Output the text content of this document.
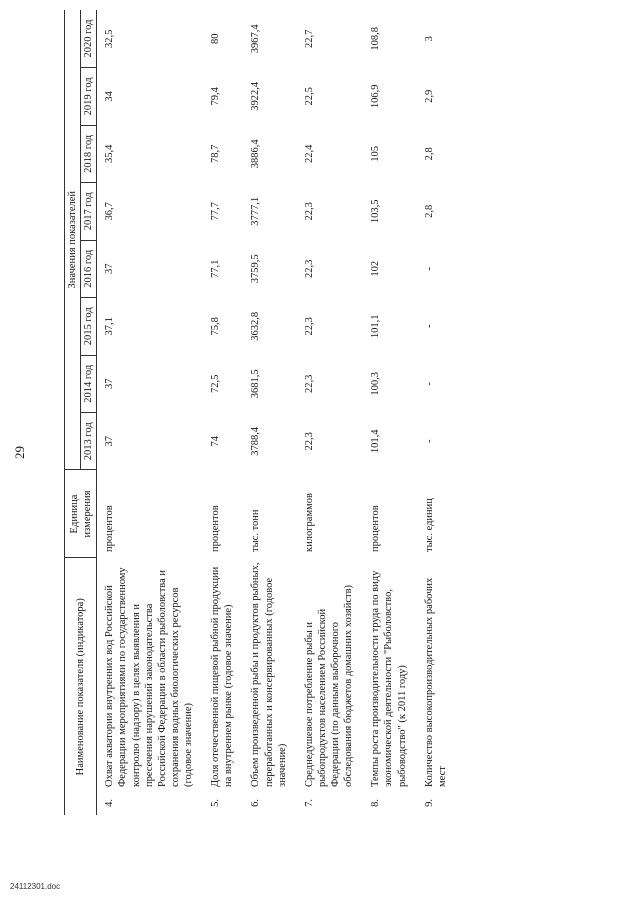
29
Наименование показателя (индикатора)		Единица измерения	Значения показателей							
			2013 год	2014 год	2015 год	2016 год	2017 год	2018 год	2019 год	2020 год
4.	Охват акватории внутренних вод Российской Федерации мероприятиями по государственному контролю (надзору) в целях выявления и пресечения нарушений законодательства Российской Федерации в области рыболовства и сохранения водных биологических ресурсов (годовое значение)	процентов	37	37	37,1	37	36,7	35,4	34	32,5
5.	Доля отечественной пищевой рыбной продукции на внутреннем рынке (годовое значение)	процентов	74	72,5	75,8	77,1	77,7	78,7	79,4	80
6.	Объем произведенной рыбы и продуктов рыбных, переработанных и консервированных (годовое значение)	тыс. тонн	3788,4	3681,5	3632,8	3759,5	3777,1	3886,4	3922,4	3967,4
7.	Среднедушевое потребление рыбы и рыбопродуктов населением Российской Федерации (по данным выборочного обследования бюджетов домашних хозяйств)	килограммов	22,3	22,3	22,3	22,3	22,3	22,4	22,5	22,7
8.	Темпы роста производительности труда по виду экономической деятельности "Рыболовство, рыбоводство" (к 2011 году)	процентов	101,4	100,3	101,1	102	103,5	105	106,9	108,8
9.	Количество высокопроизводительных рабочих мест	тыс. единиц	-	-	-	-	2,8	2,8	2,9	3
24112301.doc
